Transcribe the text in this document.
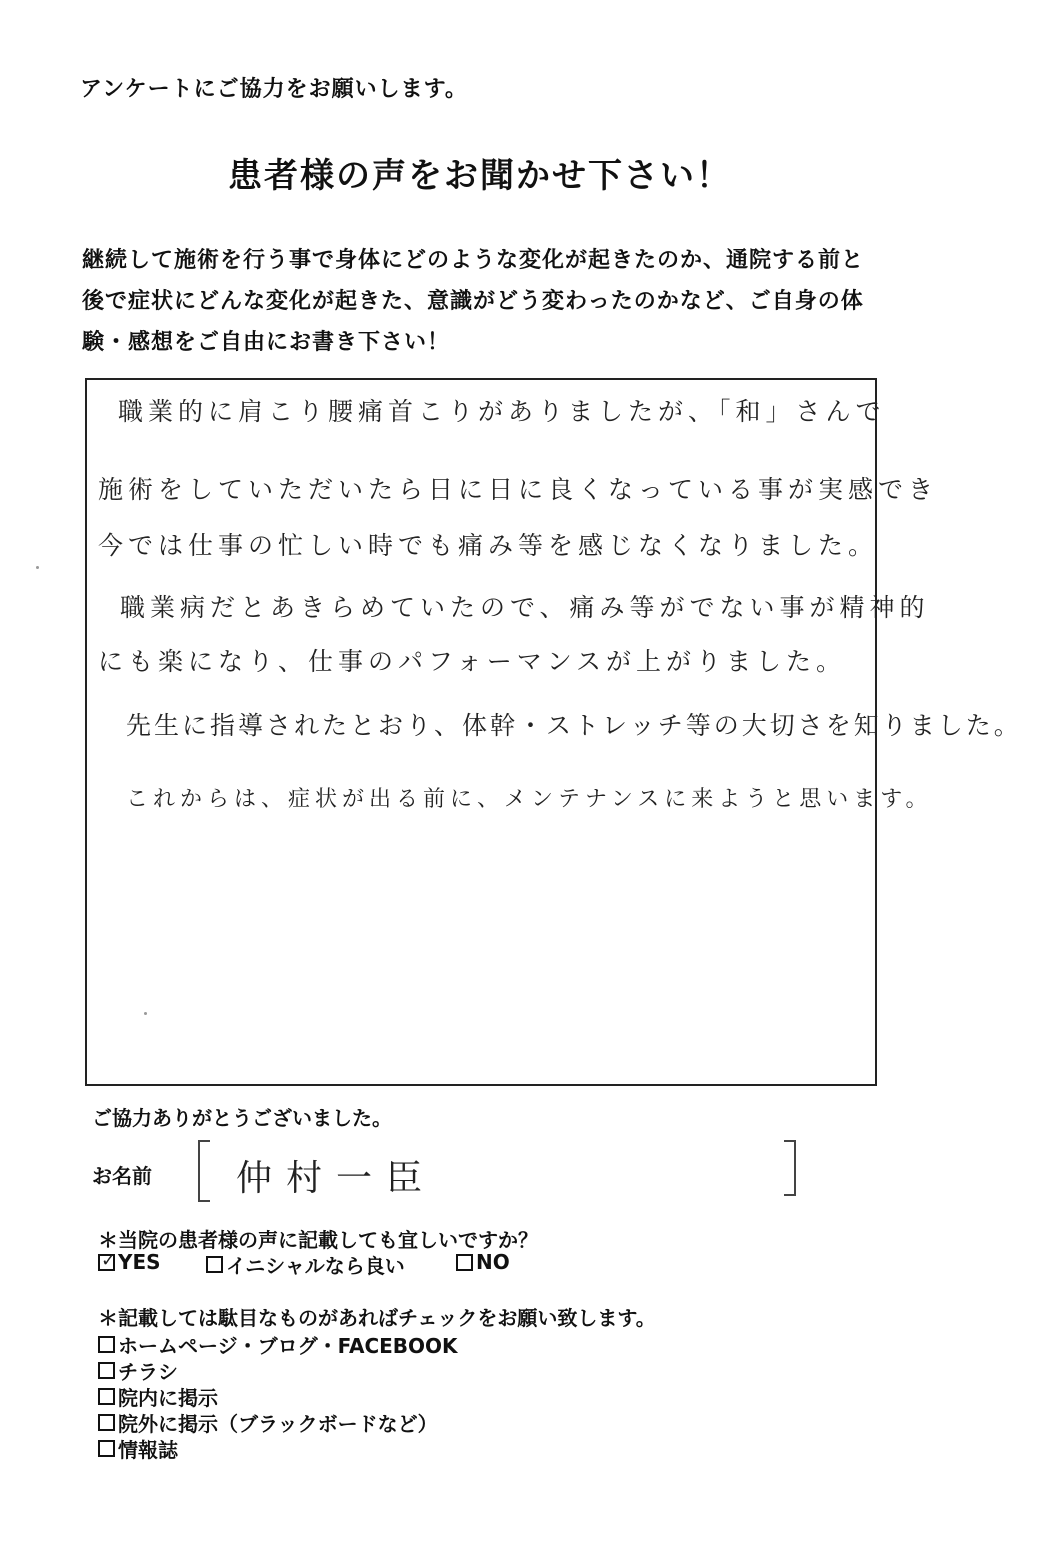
アンケートにご協力をお願いします。
患者様の声をお聞かせ下さい！
継続して施術を行う事で身体にどのような変化が起きたのか、通院する前と後で症状にどんな変化が起きた、意識がどう変わったのかなど、ご自身の体験・感想をご自由にお書き下さい！
職業的に肩こり腰痛首こりがありましたが、「和」さんで
施術をしていただいたら日に日に良くなっている事が実感でき
今では仕事の忙しい時でも痛み等を感じなくなりました。
職業病だとあきらめていたので、痛み等がでない事が精神的
にも楽になり、仕事のパフォーマンスが上がりました。
先生に指導されたとおり、体幹・ストレッチ等の大切さを知りました。
これからは、症状が出る前に、メンテナンスに来ようと思います。
ご協力ありがとうございました。
お名前 仲村一臣
＊当院の患者様の声に記載しても宜しいですか？
✓ YES	イニシャルなら良い	NO
＊記載しては駄目なものがあればチェックをお願い致します。
ホームページ・ブログ・FACEBOOK
チラシ
院内に掲示
院外に掲示（ブラックボードなど）
情報誌
